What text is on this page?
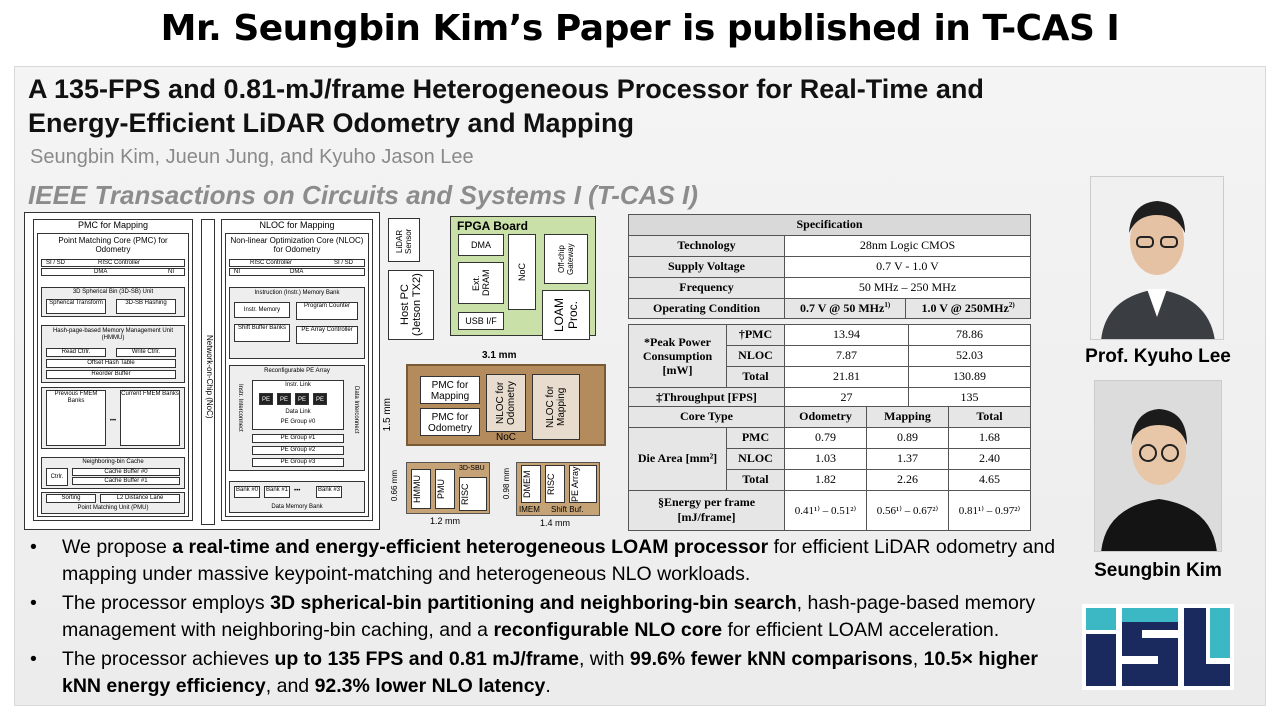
Mr. Seungbin Kim’s Paper is published in T-CAS I
A 135-FPS and 0.81-mJ/frame Heterogeneous Processor for Real-Time and
Energy-Efficient LiDAR Odometry and Mapping
Seungbin Kim, Jueun Jung, and Kyuho Jason Lee
IEEE Transactions on Circuits and Systems I (T-CAS I)
PMC for Mapping
Point Matching Core (PMC) for Odometry
SI / SD	RISC Controller
DMA	NI
3D Spherical Bin (3D-SB) Unit
Spherical Transform	3D-SB Hashing
Hash-page-based Memory Management Unit (HMMU)
Read Ctrlr.	Write Ctrlr.
Offset Hash Table
Reorder Buffer
Previous FMEM Banks
•••
Current FMEM Banks
Neighboring-bin Cache
Ctrlr.
Cache Buffer #0
Cache Buffer #1
Sorting	L2 Distance Lane
Point Matching Unit (PMU)
Network-on-Chip (NoC)
NLOC for Mapping
Non-linear Optimization Core (NLOC) for Odometry
RISC Controller	SI / SD
NI	DMA
Instruction (Instr.) Memory Bank
Instr. Memory
Program Counter
Shift Buffer Banks	PE Array Controller
Reconfigurable PE Array
Instr. Link
PE	PE	PE	PE
Data Link
PE Group #0
PE Group #1
PE Group #2
PE Group #3
Instr. Interconnect	Data Interconnect
Bank #0	Bank #1 •••	Bank #3
Data Memory Bank
LiDAR Sensor
FPGA Board
DMA
Ext. DRAM	NoC	Off-chip Gateway
Host PC (Jetson TX2)	USB I/F	LOAM Proc.
3.1 mm
1.5 mm
PMC for Mapping
PMC for Odometry
NLOC for Odometry
NoC
NLOC for Mapping
HMMU PMU RISC
3D-SBU
0.66 mm
1.2 mm
DMEM RISC PE Array
IMEM Shift Buf.
0.98 mm
1.4 mm
Specification		
Technology	28nm Logic CMOS	
Supply Voltage	0.7 V - 1.0 V	
Frequency	50 MHz – 250 MHz	
Operating Condition	0.7 V @ 50 MHz$^{1)}$	1.0 V @ 250MHz$^{2)}$
*Peak Power Consumption [mW]	†PMC	13.94	78.86
	NLOC	7.87	52.03
	Total	21.81	130.89
‡Throughput [FPS]		27	135
Core Type		Odometry	Mapping	Total
Die Area [mm²]	PMC	0.79	0.89	1.68
	NLOC	1.03	1.37	2.40
	Total	1.82	2.26	4.65
§Energy per frame [mJ/frame]		0.41¹⁾ – 0.51²⁾	0.56¹⁾ – 0.67²⁾	0.81¹⁾ – 0.97²⁾
• We propose a real-time and energy-efficient heterogeneous LOAM processor for efficient LiDAR odometry and mapping under massive keypoint-matching and heterogeneous NLO workloads.
• The processor employs 3D spherical-bin partitioning and neighboring-bin search, hash-page-based memory management with neighboring-bin caching, and a reconfigurable NLO core for efficient LOAM acceleration.
• The processor achieves up to 135 FPS and 0.81 mJ/frame, with 99.6% fewer kNN comparisons, 10.5× higher kNN energy efficiency, and 92.3% lower NLO latency.
Prof. Kyuho Lee
Seungbin Kim
